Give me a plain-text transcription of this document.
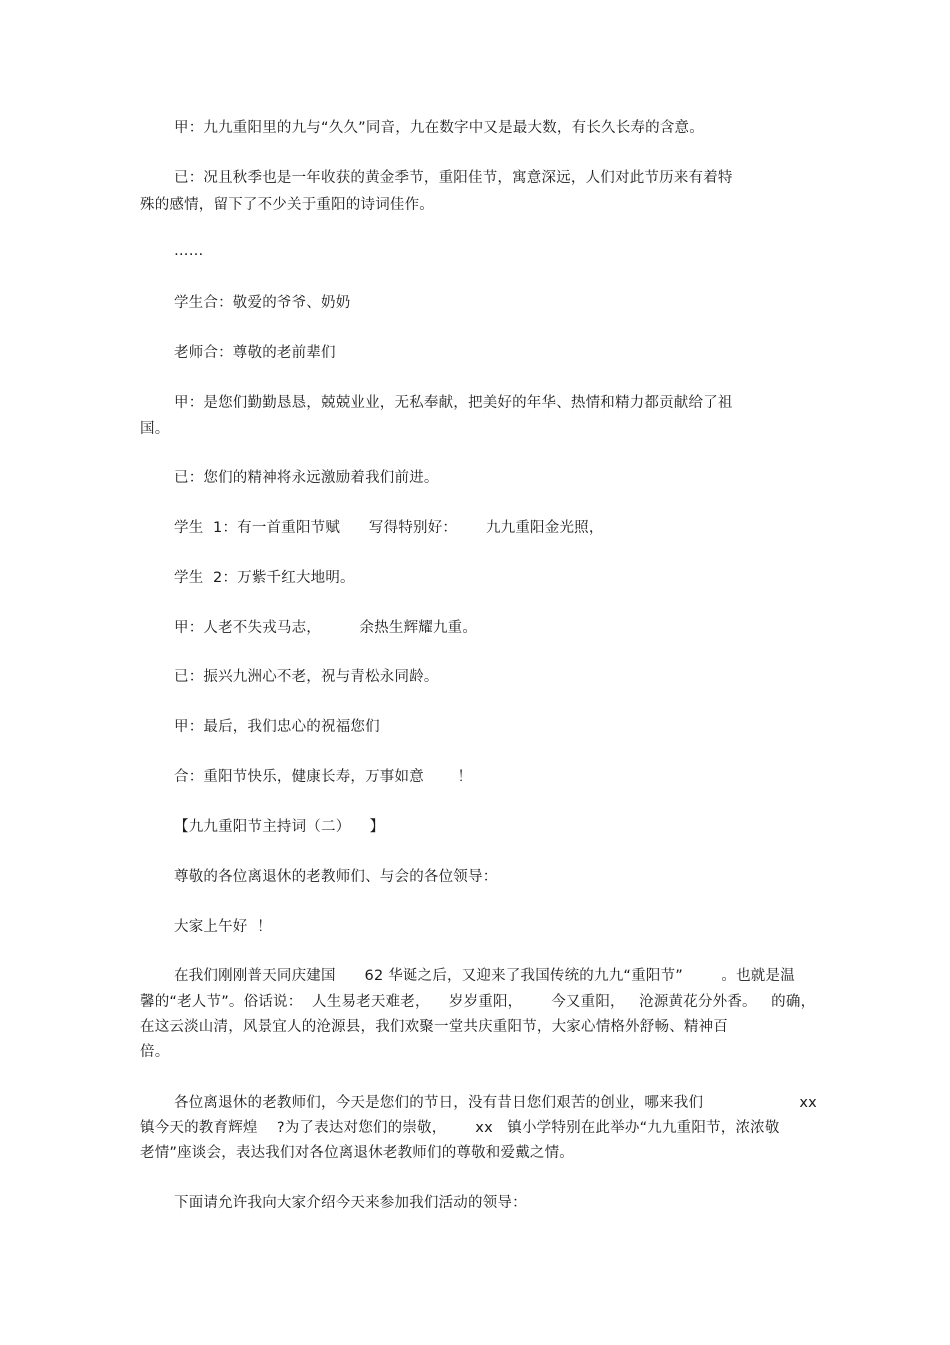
甲：九九重阳里的九与“久久”同音，九在数字中又是最大数，有长久长寿的含意。
已：况且秋季也是一年收获的黄金季节，重阳佳节，寓意深远，人们对此节历来有着特
殊的感情，留下了不少关于重阳的诗词佳作。
……
学生合：敬爱的爷爷、奶奶
老师合：尊敬的老前辈们
甲：是您们勤勤恳恳，兢兢业业，无私奉献，把美好的年华、热情和精力都贡献给了祖
国。
已：您们的精神将永远激励着我们前进。
学生  1：有一首重阳节赋      写得特别好：      九九重阳金光照，
学生  2：万紫千红大地明。
甲：人老不失戎马志，        余热生辉耀九重。
已：振兴九洲心不老，祝与青松永同龄。
甲：最后，我们忠心的祝福您们
合：重阳节快乐，健康长寿，万事如意       ！
【九九重阳节主持词（二）    】
尊敬的各位离退休的老教师们、与会的各位领导：
大家上午好  ！
在我们刚刚普天同庆建国      62 华诞之后，又迎来了我国传统的九九“重阳节”        。也就是温
馨的“老人节”。俗话说：  人生易老天难老，    岁岁重阳，      今又重阳，   沧源黄花分外香。   的确，
在这云淡山清，风景宜人的沧源县，我们欢聚一堂共庆重阳节，大家心情格外舒畅、精神百
倍。
各位离退休的老教师们，今天是您们的节日，没有昔日您们艰苦的创业，哪来我们                    xx
镇今天的教育辉煌    ?为了表达对您们的崇敬，      xx   镇小学特别在此举办“九九重阳节，浓浓敬
老情”座谈会，表达我们对各位离退休老教师们的尊敬和爱戴之情。
下面请允许我向大家介绍今天来参加我们活动的领导：
